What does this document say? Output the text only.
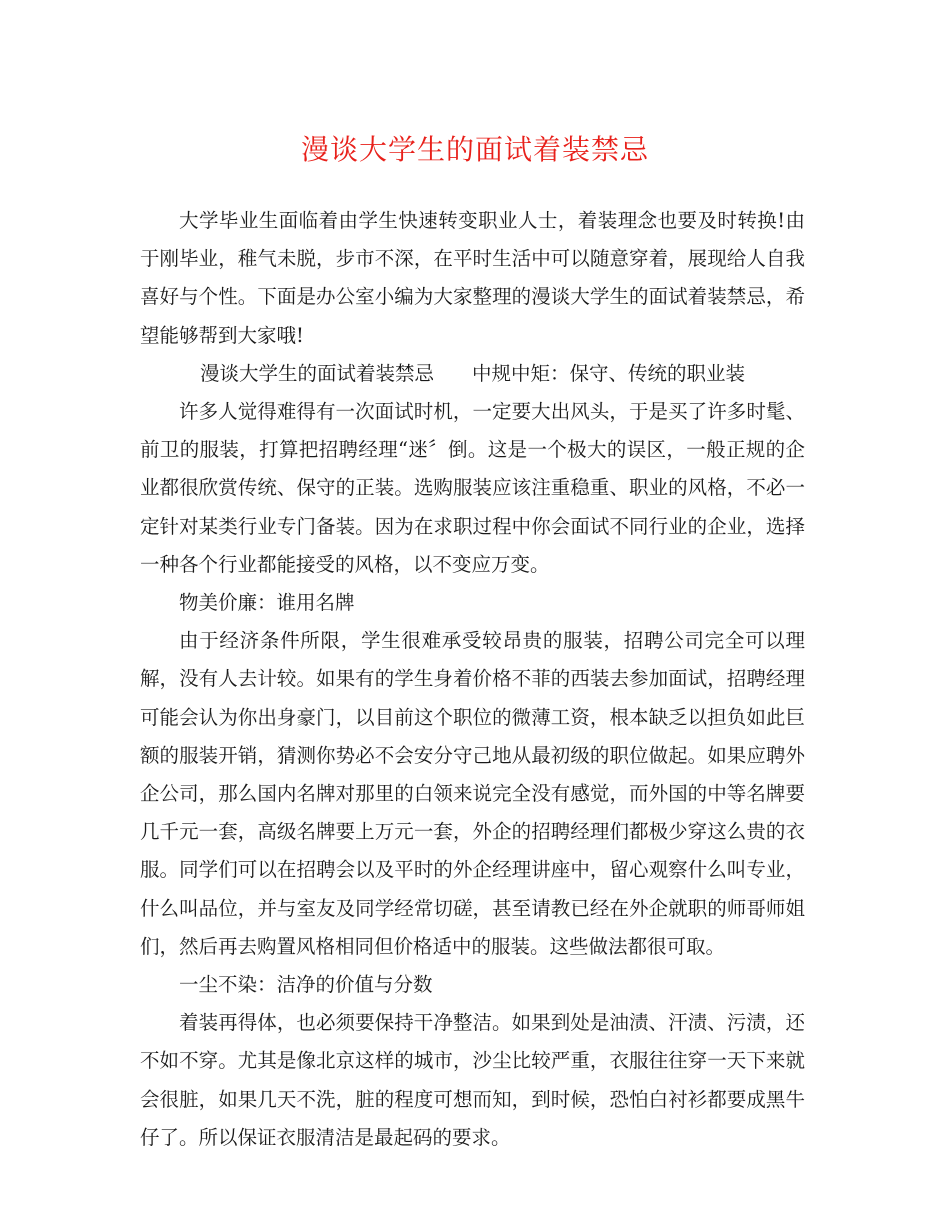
漫谈大学生的面试着装禁忌

大学毕业生面临着由学生快速转变职业人士，着装理念也要及时转换!由于刚毕业，稚气未脱，步市不深，在平时生活中可以随意穿着，展现给人自我喜好与个性。下面是办公室小编为大家整理的漫谈大学生的面试着装禁忌，希望能够帮到大家哦!

漫谈大学生的面试着装禁忌 中规中矩：保守、传统的职业装

许多人觉得难得有一次面试时机，一定要大出风头，于是买了许多时髦、前卫的服装，打算把招聘经理“迷〞倒。这是一个极大的误区，一般正规的企业都很欣赏传统、保守的正装。选购服装应该注重稳重、职业的风格，不必一定针对某类行业专门备装。因为在求职过程中你会面试不同行业的企业，选择一种各个行业都能接受的风格，以不变应万变。

物美价廉：谁用名牌

由于经济条件所限，学生很难承受较昂贵的服装，招聘公司完全可以理解，没有人去计较。如果有的学生身着价格不菲的西装去参加面试，招聘经理可能会认为你出身豪门，以目前这个职位的微薄工资，根本缺乏以担负如此巨额的服装开销，猜测你势必不会安分守己地从最初级的职位做起。如果应聘外企公司，那么国内名牌对那里的白领来说完全没有感觉，而外国的中等名牌要几千元一套，高级名牌要上万元一套，外企的招聘经理们都极少穿这么贵的衣服。同学们可以在招聘会以及平时的外企经理讲座中，留心观察什么叫专业，什么叫品位，并与室友及同学经常切磋，甚至请教已经在外企就职的师哥师姐们，然后再去购置风格相同但价格适中的服装。这些做法都很可取。

一尘不染：洁净的价值与分数

着装再得体，也必须要保持干净整洁。如果到处是油渍、汗渍、污渍，还不如不穿。尤其是像北京这样的城市，沙尘比较严重，衣服往往穿一天下来就会很脏，如果几天不洗，脏的程度可想而知，到时候，恐怕白衬衫都要成黑牛仔了。所以保证衣服清洁是最起码的要求。
